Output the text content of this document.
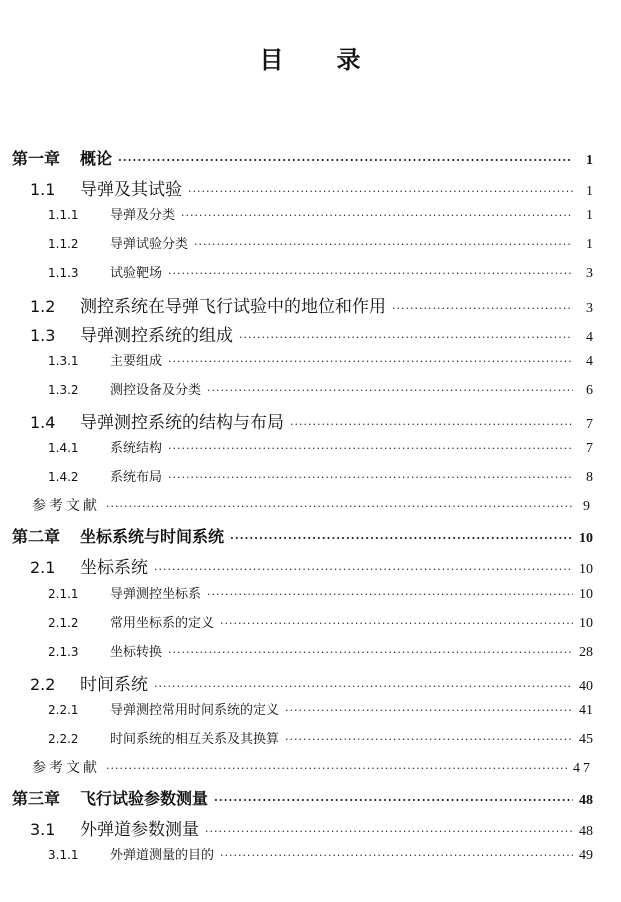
目 录
第一章 概论 ·····	1
1.1	导弹及其试验 ·····	1
1.1.1	导弹及分类 ·····	1
1.1.2	导弹试验分类 ·····	1
1.1.3	试验靶场 ·····	3
1.2	测控系统在导弹飞行试验中的地位和作用 ·····	3
1.3	导弹测控系统的组成 ·····	4
1.3.1	主要组成 ·····	4
1.3.2	测控设备及分类 ·····	6
1.4	导弹测控系统的结构与布局 ·····	7
1.4.1	系统结构 ·····	7
1.4.2	系统布局 ·····	8
参考文献 ·····	9
第二章 坐标系统与时间系统 ·····	10
2.1	坐标系统 ·····	10
2.1.1	导弹测控坐标系 ·····	10
2.1.2	常用坐标系的定义 ·····	10
2.1.3	坐标转换 ·····	28
2.2	时间系统 ·····	40
2.2.1	导弹测控常用时间系统的定义 ·····	41
2.2.2	时间系统的相互关系及其换算 ·····	45
参考文献 ·····	47
第三章 飞行试验参数测量 ·····	48
3.1	外弹道参数测量 ·····	48
3.1.1	外弹道测量的目的 ·····	49
